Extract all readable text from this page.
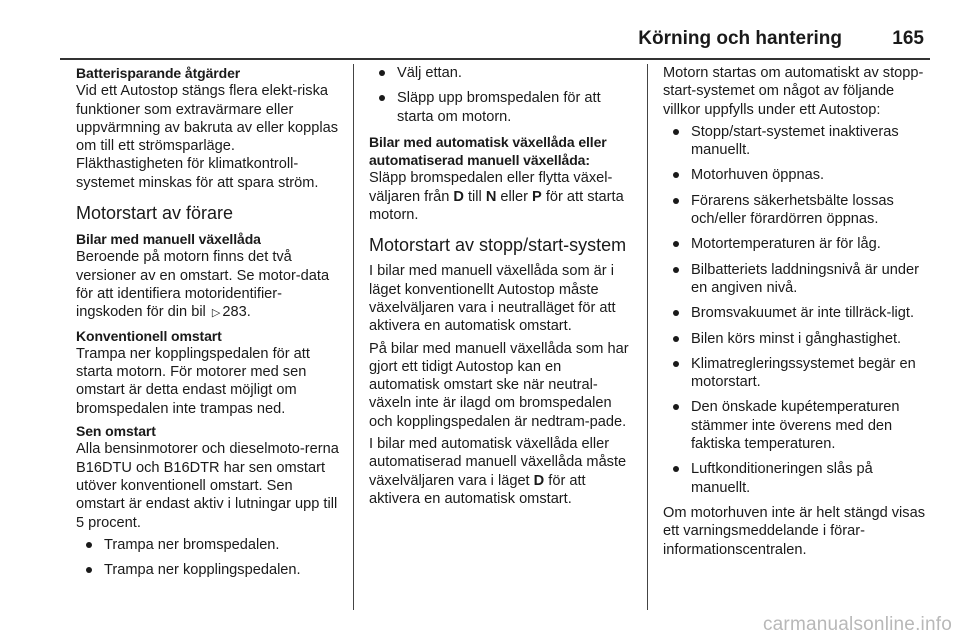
Körning och hantering	165
Batterisparande åtgärder

Vid ett Autostop stängs flera elekt-riska funktioner som extravärmare eller uppvärmning av bakruta av eller kopplas om till ett strömsparläge. Fläkthastigheten för klimatkontroll-systemet minskas för att spara ström.

Motorstart av förare
Bilar med manuell växellåda

Beroende på motorn finns det två versioner av en omstart. Se motor-data för att identifiera motoridentifier-ingskoden för din bil ▷ 283.

Konventionell omstart

Trampa ner kopplingspedalen för att starta motorn. För motorer med sen omstart är detta endast möjligt om bromspedalen inte trampas ned.

Sen omstart

Alla bensinmotorer och dieselmoto-rerna B16DTU och B16DTR har sen omstart utöver konventionell omstart. Sen omstart är endast aktiv i lutningar upp till 5 procent.

Trampa ner bromspedalen.
Trampa ner kopplingspedalen.
Välj ettan.
Släpp upp bromspedalen för att starta om motorn.
Bilar med automatisk växellåda eller automatiserad manuell växellåda:

Släpp bromspedalen eller flytta växel-väljaren från D till N eller P för att starta motorn.

Motorstart av stopp/start-system

I bilar med manuell växellåda som är i läget konventionellt Autostop måste växelväljaren vara i neutralläget för att aktivera en automatisk omstart.

På bilar med manuell växellåda som har gjort ett tidigt Autostop kan en automatisk omstart ske när neutral-växeln inte är ilagd om bromspedalen och kopplingspedalen är nedtram-pade.

I bilar med automatisk växellåda eller automatiserad manuell växellåda måste växelväljaren vara i läget D för att aktivera en automatisk omstart.

Motorn startas om automatiskt av stopp-start-systemet om något av följande villkor uppfylls under ett Autostop:

Stopp/start-systemet inaktiveras manuellt.
Motorhuven öppnas.
Förarens säkerhetsbälte lossas och/eller förardörren öppnas.
Motortemperaturen är för låg.
Bilbatteriets laddningsnivå är under en angiven nivå.
Bromsvakuumet är inte tillräck-ligt.
Bilen körs minst i gånghastighet.
Klimatregleringssystemet begär en motorstart.
Den önskade kupétemperaturen stämmer inte överens med den faktiska temperaturen.
Luftkonditioneringen slås på manuellt.

Om motorhuven inte är helt stängd visas ett varningsmeddelande i förar-informationscentralen.

carmanualsonline.info
